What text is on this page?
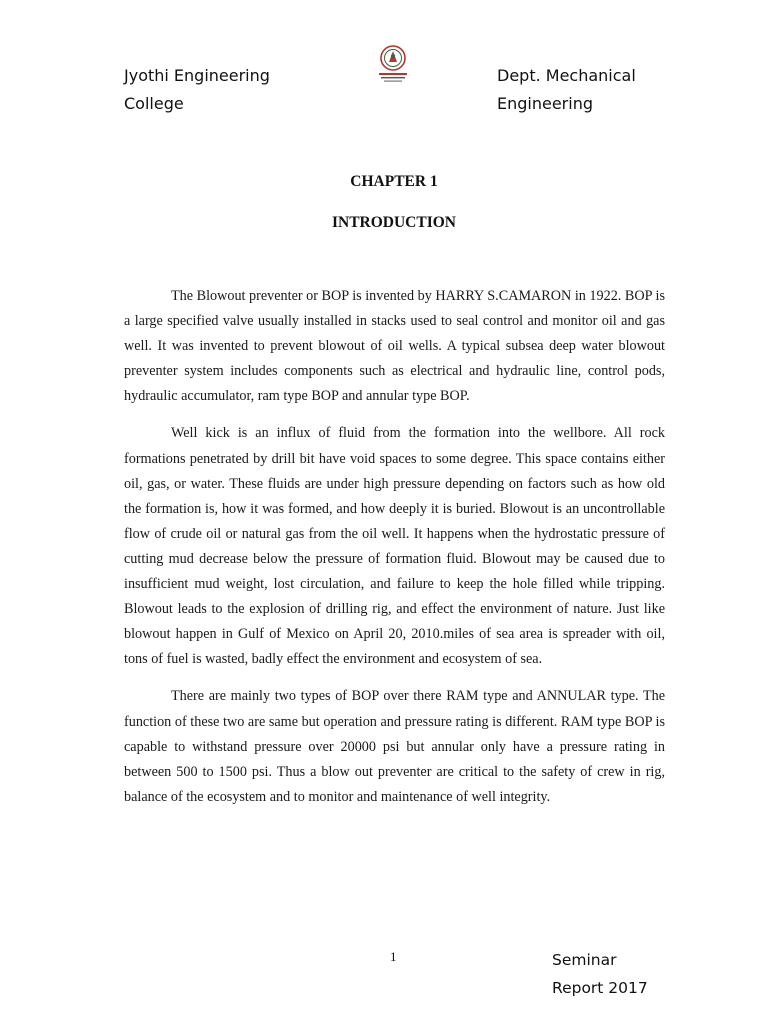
Jyothi Engineering
College
Dept. Mechanical
Engineering
CHAPTER 1
INTRODUCTION

The Blowout preventer or BOP is invented by HARRY S.CAMARON in 1922. BOP is a large specified valve usually installed in stacks used to seal control and monitor oil and gas well. It was invented to prevent blowout of oil wells. A typical subsea deep water blowout preventer system includes components such as electrical and hydraulic line, control pods, hydraulic accumulator, ram type BOP and annular type BOP.

Well kick is an influx of fluid from the formation into the wellbore. All rock formations penetrated by drill bit have void spaces to some degree. This space contains either oil, gas, or water. These fluids are under high pressure depending on factors such as how old the formation is, how it was formed, and how deeply it is buried. Blowout is an uncontrollable flow of crude oil or natural gas from the oil well. It happens when the hydrostatic pressure of cutting mud decrease below the pressure of formation fluid. Blowout may be caused due to insufficient mud weight, lost circulation, and failure to keep the hole filled while tripping. Blowout leads to the explosion of drilling rig, and effect the environment of nature. Just like blowout happen in Gulf of Mexico on April 20, 2010.miles of sea area is spreader with oil, tons of fuel is wasted, badly effect the environment and ecosystem of sea.

There are mainly two types of BOP over there RAM type and ANNULAR type. The function of these two are same but operation and pressure rating is different. RAM type BOP is capable to withstand pressure over 20000 psi but annular only have a pressure rating in between 500 to 1500 psi. Thus a blow out preventer are critical to the safety of crew in rig, balance of the ecosystem and to monitor and maintenance of well integrity.

1	Seminar
Report 2017
